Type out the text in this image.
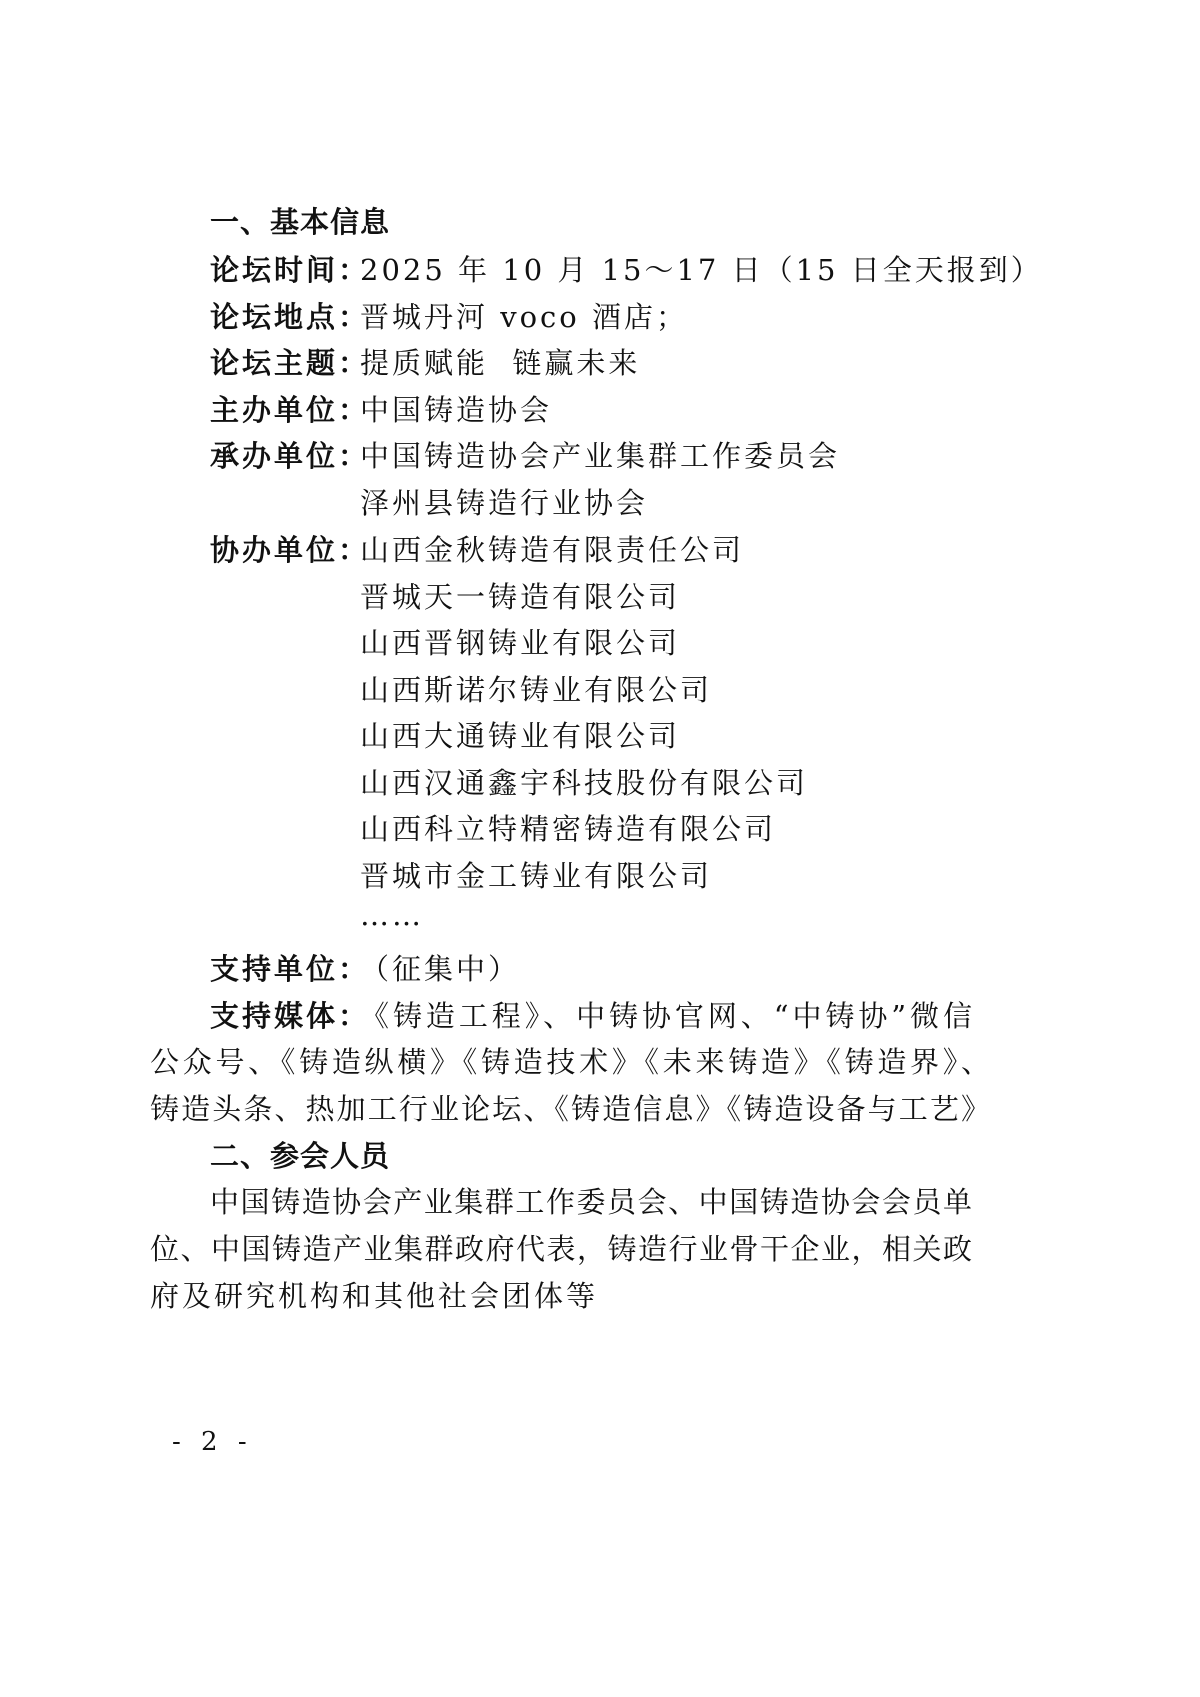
一、基本信息
论坛时间：
2025 年 10 月 15～17 日（15 日全天报到）
论坛地点：
晋城丹河 voco 酒店；
论坛主题：
提质赋能  链赢未来
主办单位：
中国铸造协会
承办单位：
中国铸造协会产业集群工作委员会
泽州县铸造行业协会
协办单位：
山西金秋铸造有限责任公司
晋城天一铸造有限公司
山西晋钢铸业有限公司
山西斯诺尔铸业有限公司
山西大通铸业有限公司
山西汉通鑫宇科技股份有限公司
山西科立特精密铸造有限公司
晋城市金工铸业有限公司
……
支持单位：
（征集中）
支持媒体：
《铸造工程》、中铸协官网、“中铸协”微信
公众号、《铸造纵横》《铸造技术》《未来铸造》《铸造界》、
铸造头条、热加工行业论坛、《铸造信息》《铸造设备与工艺》
二、参会人员
中国铸造协会产业集群工作委员会、中国铸造协会会员单
位、中国铸造产业集群政府代表，铸造行业骨干企业，相关政
府及研究机构和其他社会团体等
- 2 -
